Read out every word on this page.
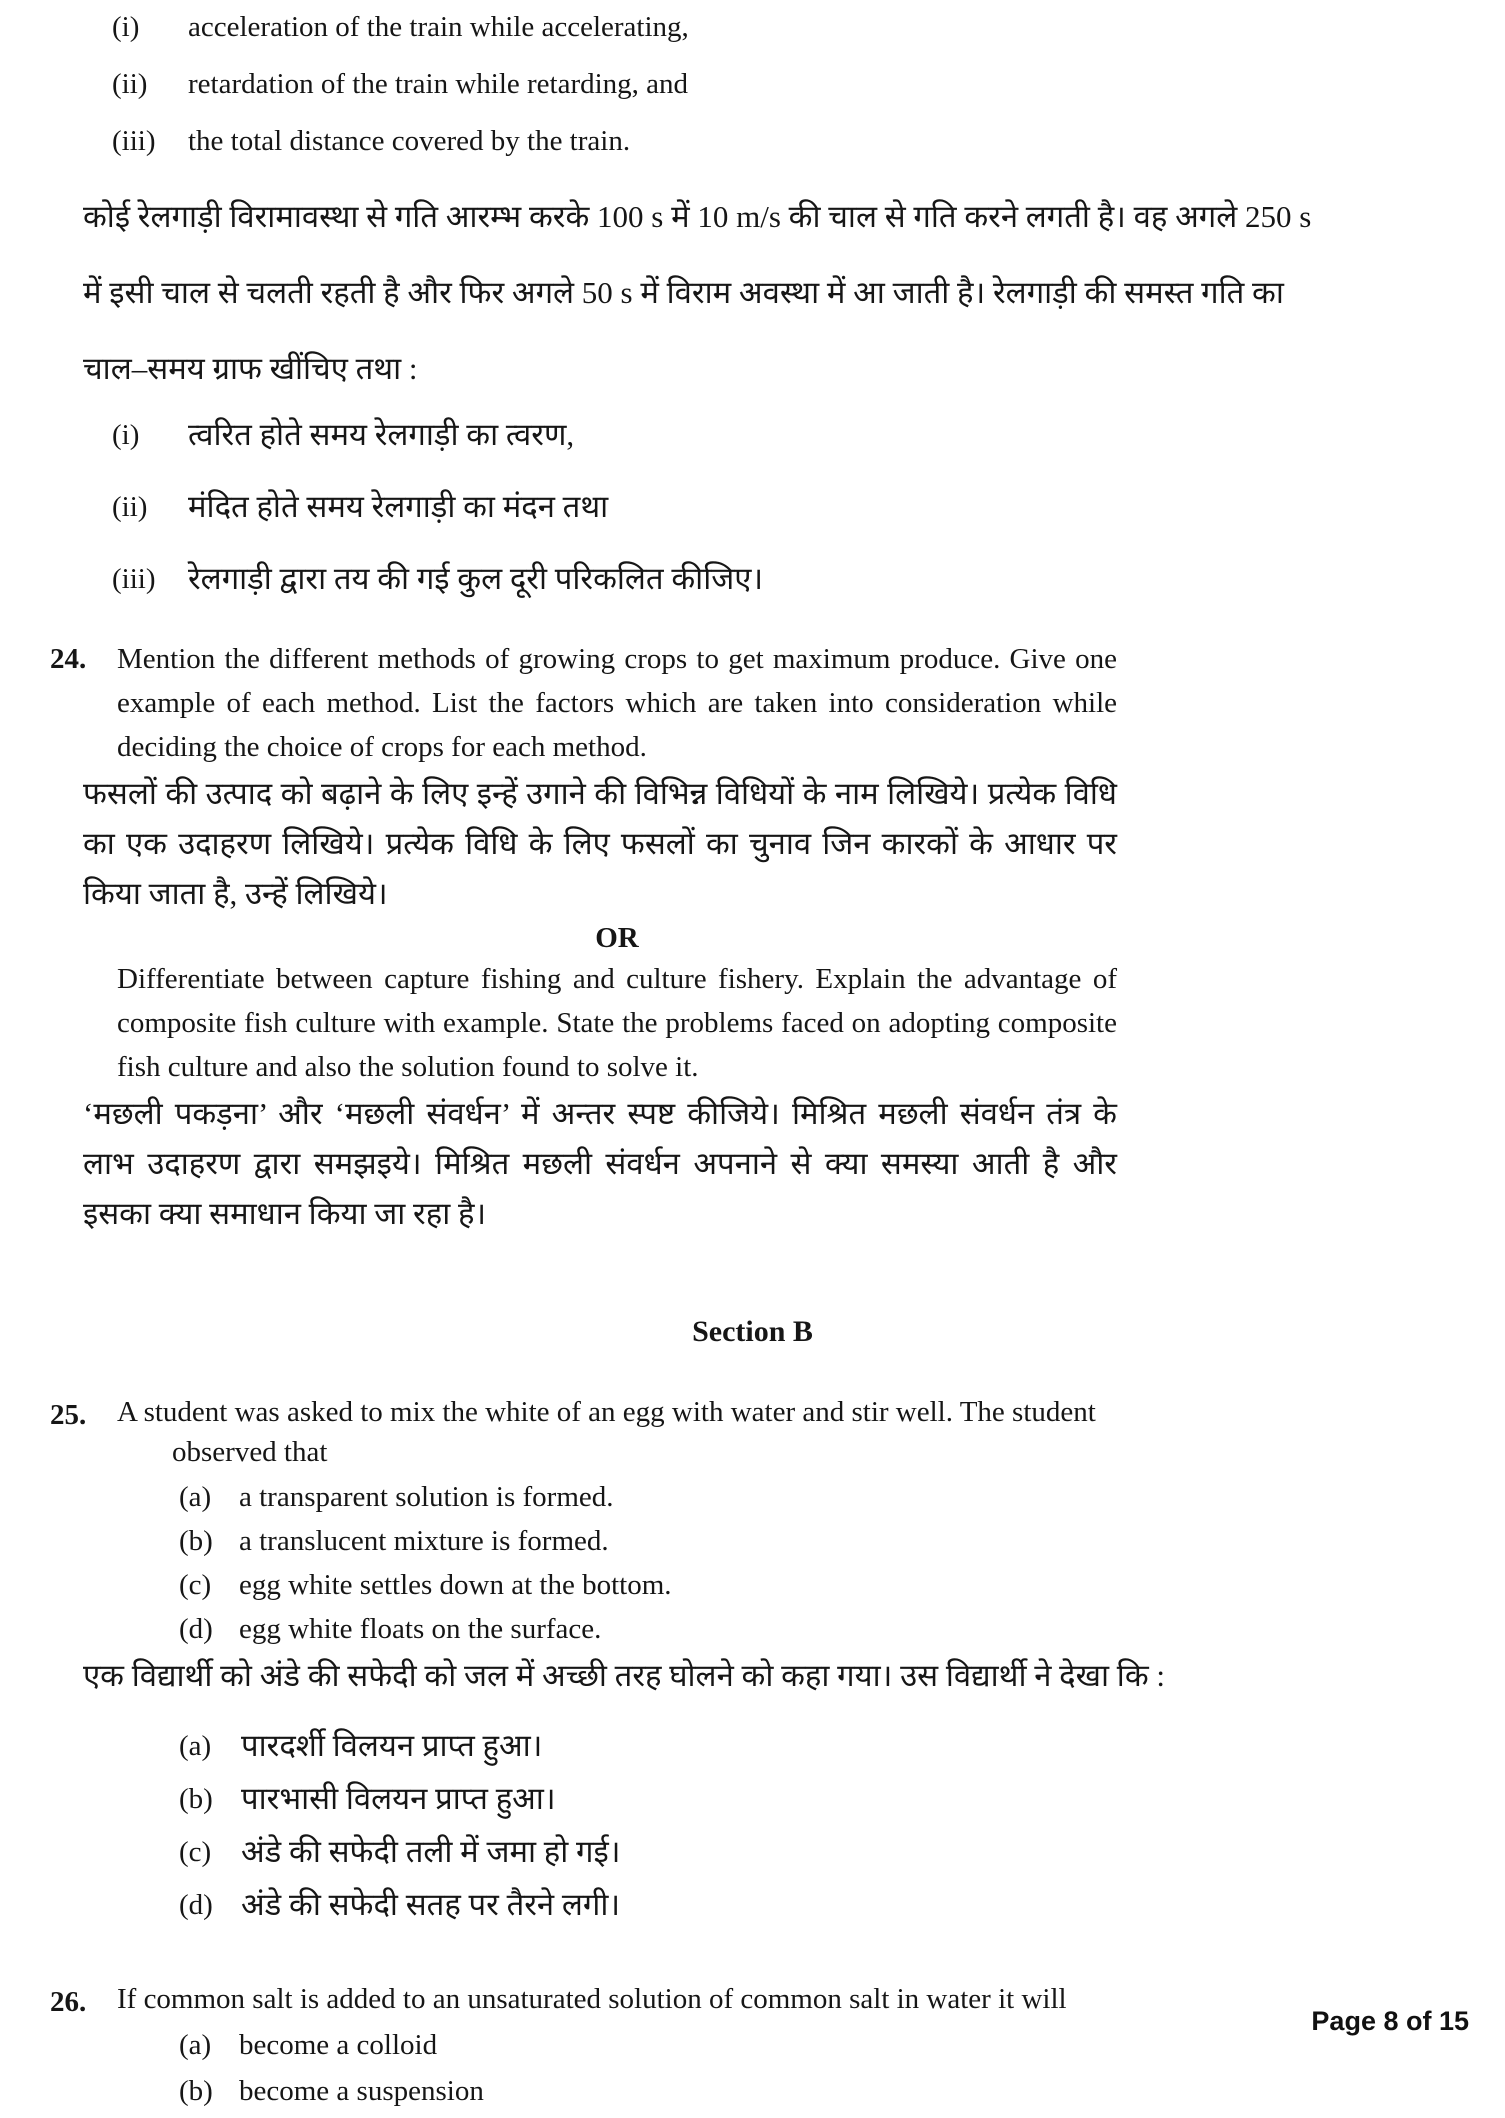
(i)	acceleration of the train while accelerating,
(ii)	retardation of the train while retarding, and
(iii)	the total distance covered by the train.
कोई रेलगाड़ी विरामावस्था से गति आरम्भ करके 100 s में 10 m/s की चाल से गति करने लगती है। वह अगले 250 s
में इसी चाल से चलती रहती है और फिर अगले 50 s में विराम अवस्था में आ जाती है। रेलगाड़ी की समस्त गति का
चाल–समय ग्राफ खींचिए तथा :
(i)	त्वरित होते समय रेलगाड़ी का त्वरण,
(ii)	मंदित होते समय रेलगाड़ी का मंदन तथा
(iii)	रेलगाड़ी द्वारा तय की गई कुल दूरी परिकलित कीजिए।
24.	Mention the different methods of growing crops to get maximum produce. Give one example of each method. List the factors which are taken into consideration while deciding the choice of crops for each method.
फसलों की उत्पाद को बढ़ाने के लिए इन्हें उगाने की विभिन्न विधियों के नाम लिखिये। प्रत्येक विधि का एक उदाहरण लिखिये। प्रत्येक विधि के लिए फसलों का चुनाव जिन कारकों के आधार पर किया जाता है, उन्हें लिखिये।
OR
Differentiate between capture fishing and culture fishery. Explain the advantage of composite fish culture with example. State the problems faced on adopting composite fish culture and also the solution found to solve it.
‘मछली पकड़ना’ और ‘मछली संवर्धन’ में अन्तर स्पष्ट कीजिये। मिश्रित मछली संवर्धन तंत्र के लाभ उदाहरण द्वारा समझइये। मिश्रित मछली संवर्धन अपनाने से क्या समस्या आती है और इसका क्या समाधान किया जा रहा है।
Section B
25.	A student was asked to mix the white of an egg with water and stir well. The student
observed that
(a) a transparent solution is formed.
(b) a translucent mixture is formed.
(c) egg white settles down at the bottom.
(d) egg white floats on the surface.
एक विद्यार्थी को अंडे की सफेदी को जल में अच्छी तरह घोलने को कहा गया। उस विद्यार्थी ने देखा कि :
(a) पारदर्शी विलयन प्राप्त हुआ।
(b) पारभासी विलयन प्राप्त हुआ।
(c) अंडे की सफेदी तली में जमा हो गई।
(d) अंडे की सफेदी सतह पर तैरने लगी।
26.	If common salt is added to an unsaturated solution of common salt in water it will
(a) become a colloid
(b) become a suspension
Page 8 of 15
